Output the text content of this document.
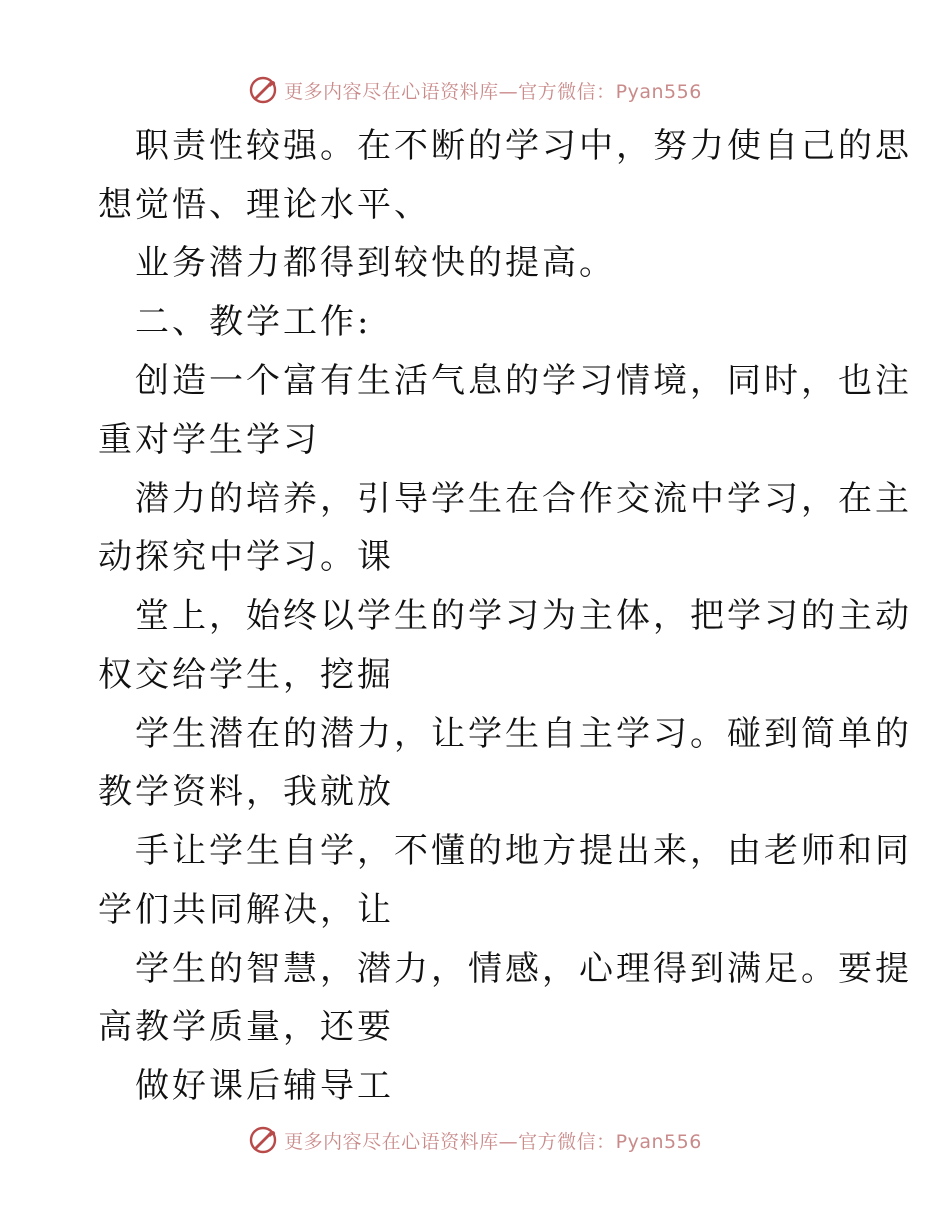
更多内容尽在心语资料库—官方微信：Pyan556
职责性较强。在不断的学习中，努力使自己的思
想觉悟、理论水平、
业务潜力都得到较快的提高。
二、教学工作:
创造一个富有生活气息的学习情境，同时，也注
重对学生学习
潜力的培养，引导学生在合作交流中学习，在主
动探究中学习。课
堂上，始终以学生的学习为主体，把学习的主动
权交给学生，挖掘
学生潜在的潜力，让学生自主学习。碰到简单的
教学资料，我就放
手让学生自学，不懂的地方提出来，由老师和同
学们共同解决，让
学生的智慧，潜力，情感，心理得到满足。要提
高教学质量，还要
做好课后辅导工
更多内容尽在心语资料库—官方微信：Pyan556
